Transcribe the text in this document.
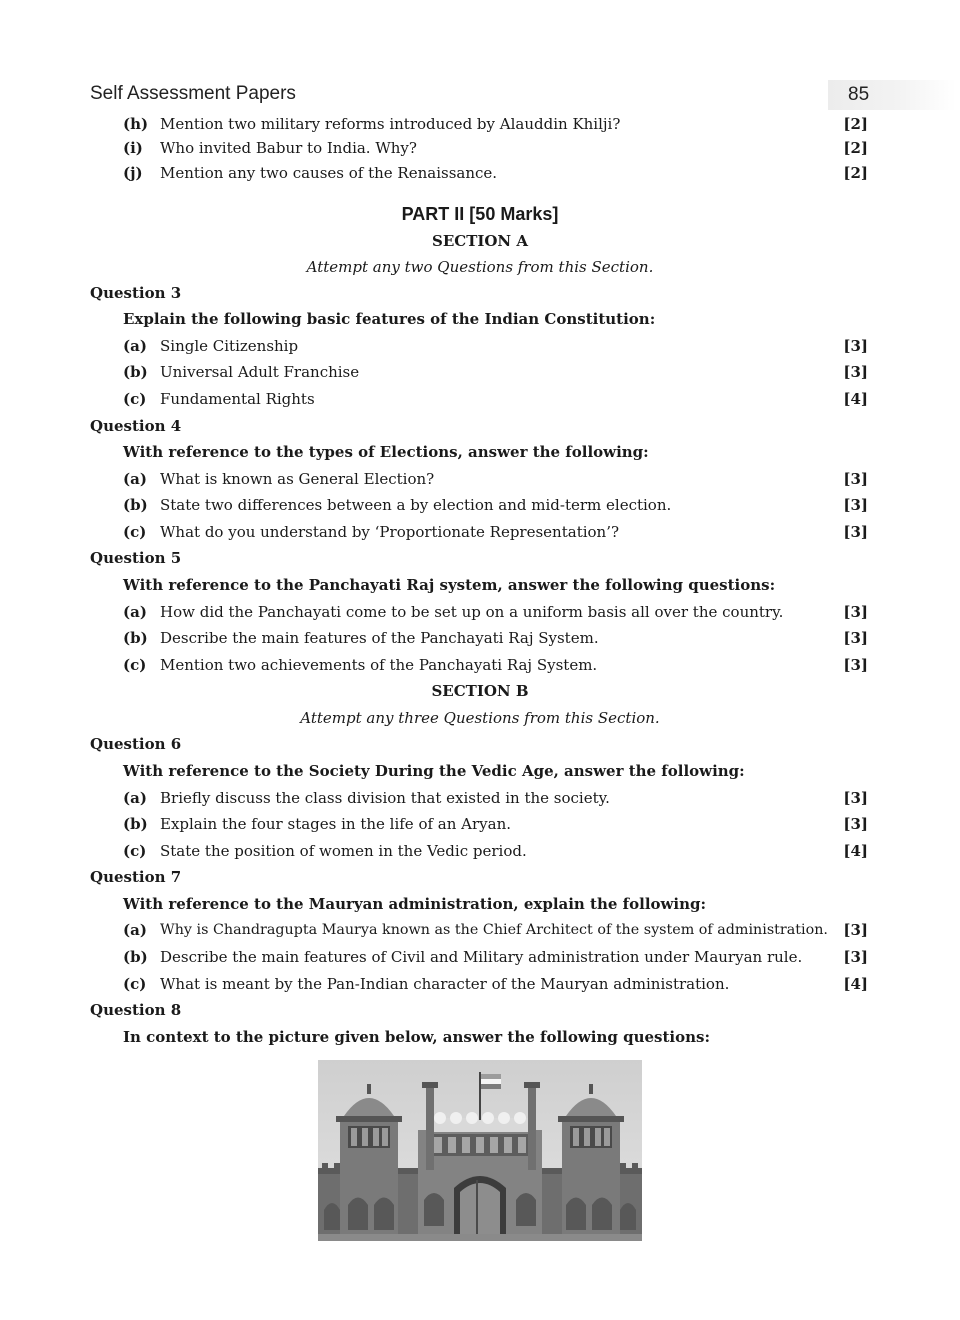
Self Assessment Papers	85
(h) Mention two military reforms introduced by Alauddin Khilji?	[2]
(i) Who invited Babur to India. Why?	[2]
(j) Mention any two causes of the Renaissance.	[2]
PART II [50 Marks]
SECTION A
Attempt any two Questions from this Section.
Question 3
Explain the following basic features of the Indian Constitution:
(a) Single Citizenship	[3]
(b) Universal Adult Franchise	[3]
(c) Fundamental Rights	[4]
Question 4
With reference to the types of Elections, answer the following:
(a) What is known as General Election?	[3]
(b) State two differences between a by election and mid-term election.	[3]
(c) What do you understand by ‘Proportionate Representation’?	[3]
Question 5
With reference to the Panchayati Raj system, answer the following questions:
(a) How did the Panchayati come to be set up on a uniform basis all over the country.	[3]
(b) Describe the main features of the Panchayati Raj System.	[3]
(c) Mention two achievements of the Panchayati Raj System.	[3]
SECTION B
Attempt any three Questions from this Section.
Question 6
With reference to the Society During the Vedic Age, answer the following:
(a) Briefly discuss the class division that existed in the society.	[3]
(b) Explain the four stages in the life of an Aryan.	[3]
(c) State the position of women in the Vedic period.	[4]
Question 7
With reference to the Mauryan administration, explain the following:
(a) Why is Chandragupta Maurya known as the Chief Architect of the system of administration. [3]
(b) Describe the main features of Civil and Military administration under Mauryan rule.	[3]
(c) What is meant by the Pan-Indian character of the Mauryan administration.	[4]
Question 8
In context to the picture given below, answer the following questions:
